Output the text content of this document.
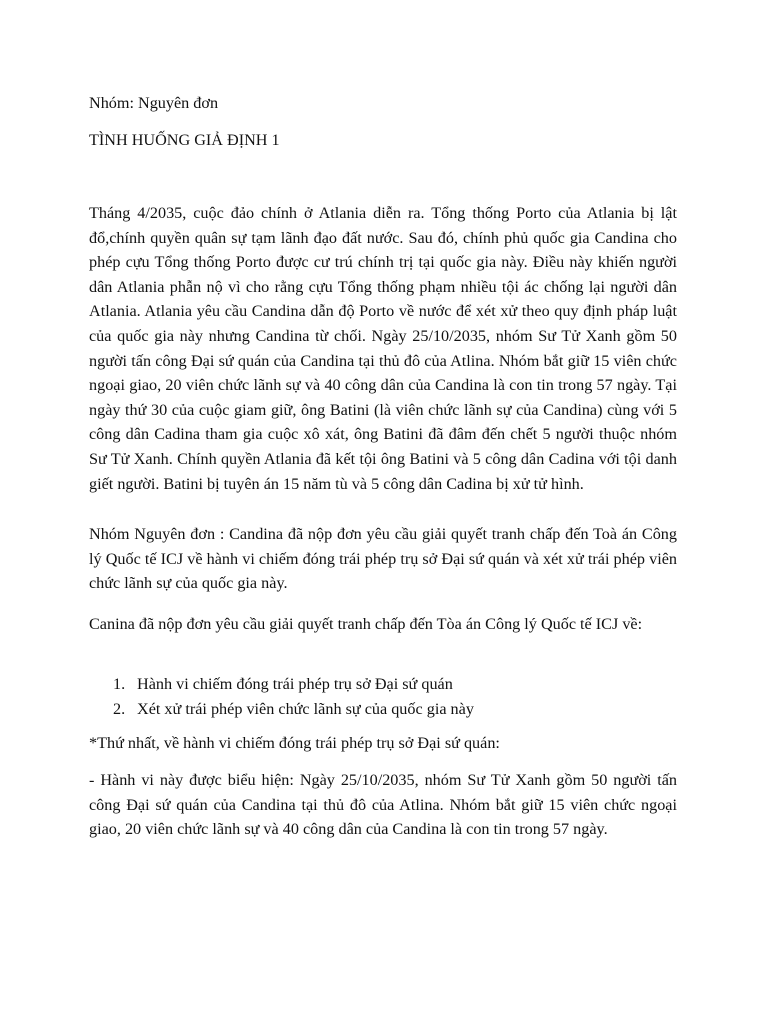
Nhóm: Nguyên đơn
TÌNH HUỐNG GIẢ ĐỊNH 1

Tháng 4/2035, cuộc đảo chính ở Atlania diễn ra. Tổng thống Porto của Atlania bị lật đổ,chính quyền quân sự tạm lãnh đạo đất nước. Sau đó, chính phủ quốc gia Candina cho phép cựu Tổng thống Porto được cư trú chính trị tại quốc gia này. Điều này khiến người dân Atlania phẫn nộ vì cho rằng cựu Tổng thống phạm nhiều tội ác chống lại người dân Atlania. Atlania yêu cầu Candina dẫn độ Porto về nước để xét xử theo quy định pháp luật của quốc gia này nhưng Candina từ chối. Ngày 25/10/2035, nhóm Sư Tử Xanh gồm 50 người tấn công Đại sứ quán của Candina tại thủ đô của Atlina. Nhóm bắt giữ 15 viên chức ngoại giao, 20 viên chức lãnh sự và 40 công dân của Candina là con tin trong 57 ngày. Tại ngày thứ 30 của cuộc giam giữ, ông Batini (là viên chức lãnh sự của Candina) cùng với 5 công dân Cadina tham gia cuộc xô xát, ông Batini đã đâm đến chết 5 người thuộc nhóm Sư Tử Xanh. Chính quyền Atlania đã kết tội ông Batini và 5 công dân Cadina với tội danh giết người. Batini bị tuyên án 15 năm tù và 5 công dân Cadina bị xử tử hình.

Nhóm Nguyên đơn : Candina đã nộp đơn yêu cầu giải quyết tranh chấp đến Toà án Công lý Quốc tế ICJ về hành vi chiếm đóng trái phép trụ sở Đại sứ quán và xét xử trái phép viên chức lãnh sự của quốc gia này.

Canina đã nộp đơn yêu cầu giải quyết tranh chấp đến Tòa án Công lý Quốc tế ICJ về:

1. Hành vi chiếm đóng trái phép trụ sở Đại sứ quán
2. Xét xử trái phép viên chức lãnh sự của quốc gia này
*Thứ nhất, về hành vi chiếm đóng trái phép trụ sở Đại sứ quán:

- Hành vi này được biểu hiện: Ngày 25/10/2035, nhóm Sư Tử Xanh gồm 50 người tấn công Đại sứ quán của Candina tại thủ đô của Atlina. Nhóm bắt giữ 15 viên chức ngoại giao, 20 viên chức lãnh sự và 40 công dân của Candina là con tin trong 57 ngày.
